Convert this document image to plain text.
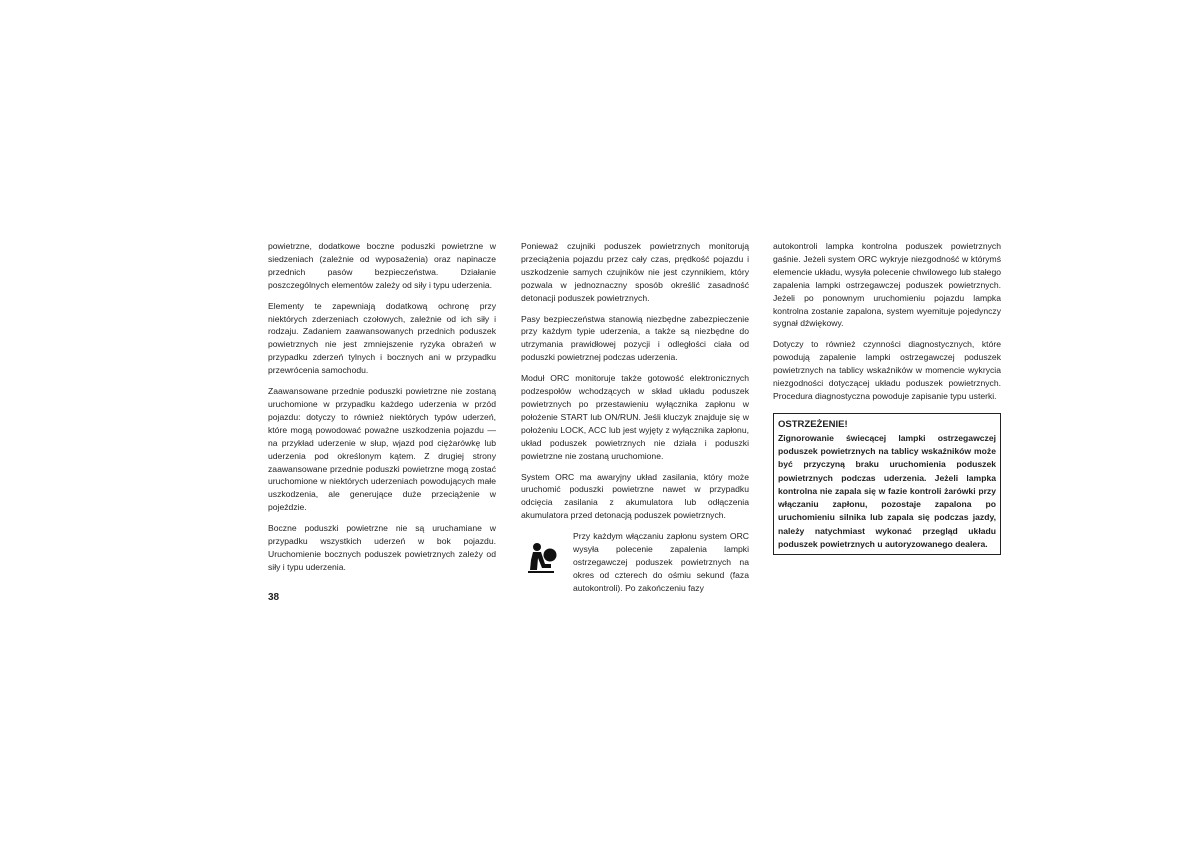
powietrzne, dodatkowe boczne poduszki powietrzne w siedzeniach (zależnie od wyposażenia) oraz napinacze przednich pasów bezpieczeństwa. Działanie poszczególnych elementów zależy od siły i typu uderzenia.

Elementy te zapewniają dodatkową ochronę przy niektórych zderzeniach czołowych, zależnie od ich siły i rodzaju. Zadaniem zaawansowanych przednich poduszek powietrznych nie jest zmniejszenie ryzyka obrażeń w przypadku zderzeń tylnych i bocznych ani w przypadku przewrócenia samochodu.

Zaawansowane przednie poduszki powietrzne nie zostaną uruchomione w przypadku każdego uderzenia w przód pojazdu: dotyczy to również niektórych typów uderzeń, które mogą powodować poważne uszkodzenia pojazdu — na przykład uderzenie w słup, wjazd pod ciężarówkę lub uderzenia pod określonym kątem. Z drugiej strony zaawansowane przednie poduszki powietrzne mogą zostać uruchomione w niektórych uderzeniach powodujących małe uszkodzenia, ale generujące duże przeciążenie w pojeździe.

Boczne poduszki powietrzne nie są uruchamiane w przypadku wszystkich uderzeń w bok pojazdu. Uruchomienie bocznych poduszek powietrznych zależy od siły i typu uderzenia.

Ponieważ czujniki poduszek powietrznych monitorują przeciążenia pojazdu przez cały czas, prędkość pojazdu i uszkodzenie samych czujników nie jest czynnikiem, który pozwala w jednoznaczny sposób określić zasadność detonacji poduszek powietrznych.

Pasy bezpieczeństwa stanowią niezbędne zabezpieczenie przy każdym typie uderzenia, a także są niezbędne do utrzymania prawidłowej pozycji i odległości ciała od poduszki powietrznej podczas uderzenia.

Moduł ORC monitoruje także gotowość elektronicznych podzespołów wchodzących w skład układu poduszek powietrznych po przestawieniu wyłącznika zapłonu w położenie START lub ON/RUN. Jeśli kluczyk znajduje się w położeniu LOCK, ACC lub jest wyjęty z wyłącznika zapłonu, układ poduszek powietrznych nie działa i poduszki powietrzne nie zostaną uruchomione.

System ORC ma awaryjny układ zasilania, który może uruchomić poduszki powietrzne nawet w przypadku odcięcia zasilania z akumulatora lub odłączenia akumulatora przed detonacją poduszek powietrznych.

Przy każdym włączaniu zapłonu system ORC wysyła polecenie zapalenia lampki ostrzegawczej poduszek powietrznych na okres od czterech do ośmiu sekund (faza autokontroli). Po zakończeniu fazy

autokontroli lampka kontrolna poduszek powietrznych gaśnie. Jeżeli system ORC wykryje niezgodność w którymś elemencie układu, wysyła polecenie chwilowego lub stałego zapalenia lampki ostrzegawczej poduszek powietrznych. Jeżeli po ponownym uruchomieniu pojazdu lampka kontrolna zostanie zapalona, system wyemituje pojedynczy sygnał dźwiękowy.

Dotyczy to również czynności diagnostycznych, które powodują zapalenie lampki ostrzegawczej poduszek powietrznych na tablicy wskaźników w momencie wykrycia niezgodności dotyczącej układu poduszek powietrznych. Procedura diagnostyczna powoduje zapisanie typu usterki.

OSTRZEŻENIE!
Zignorowanie świecącej lampki ostrzegawczej poduszek powietrznych na tablicy wskaźników może być przyczyną braku uruchomienia poduszek powietrznych podczas uderzenia. Jeżeli lampka kontrolna nie zapala się w fazie kontroli żarówki przy włączaniu zapłonu, pozostaje zapalona po uruchomieniu silnika lub zapala się podczas jazdy, należy natychmiast wykonać przegląd układu poduszek powietrznych u autoryzowanego dealera.
38
